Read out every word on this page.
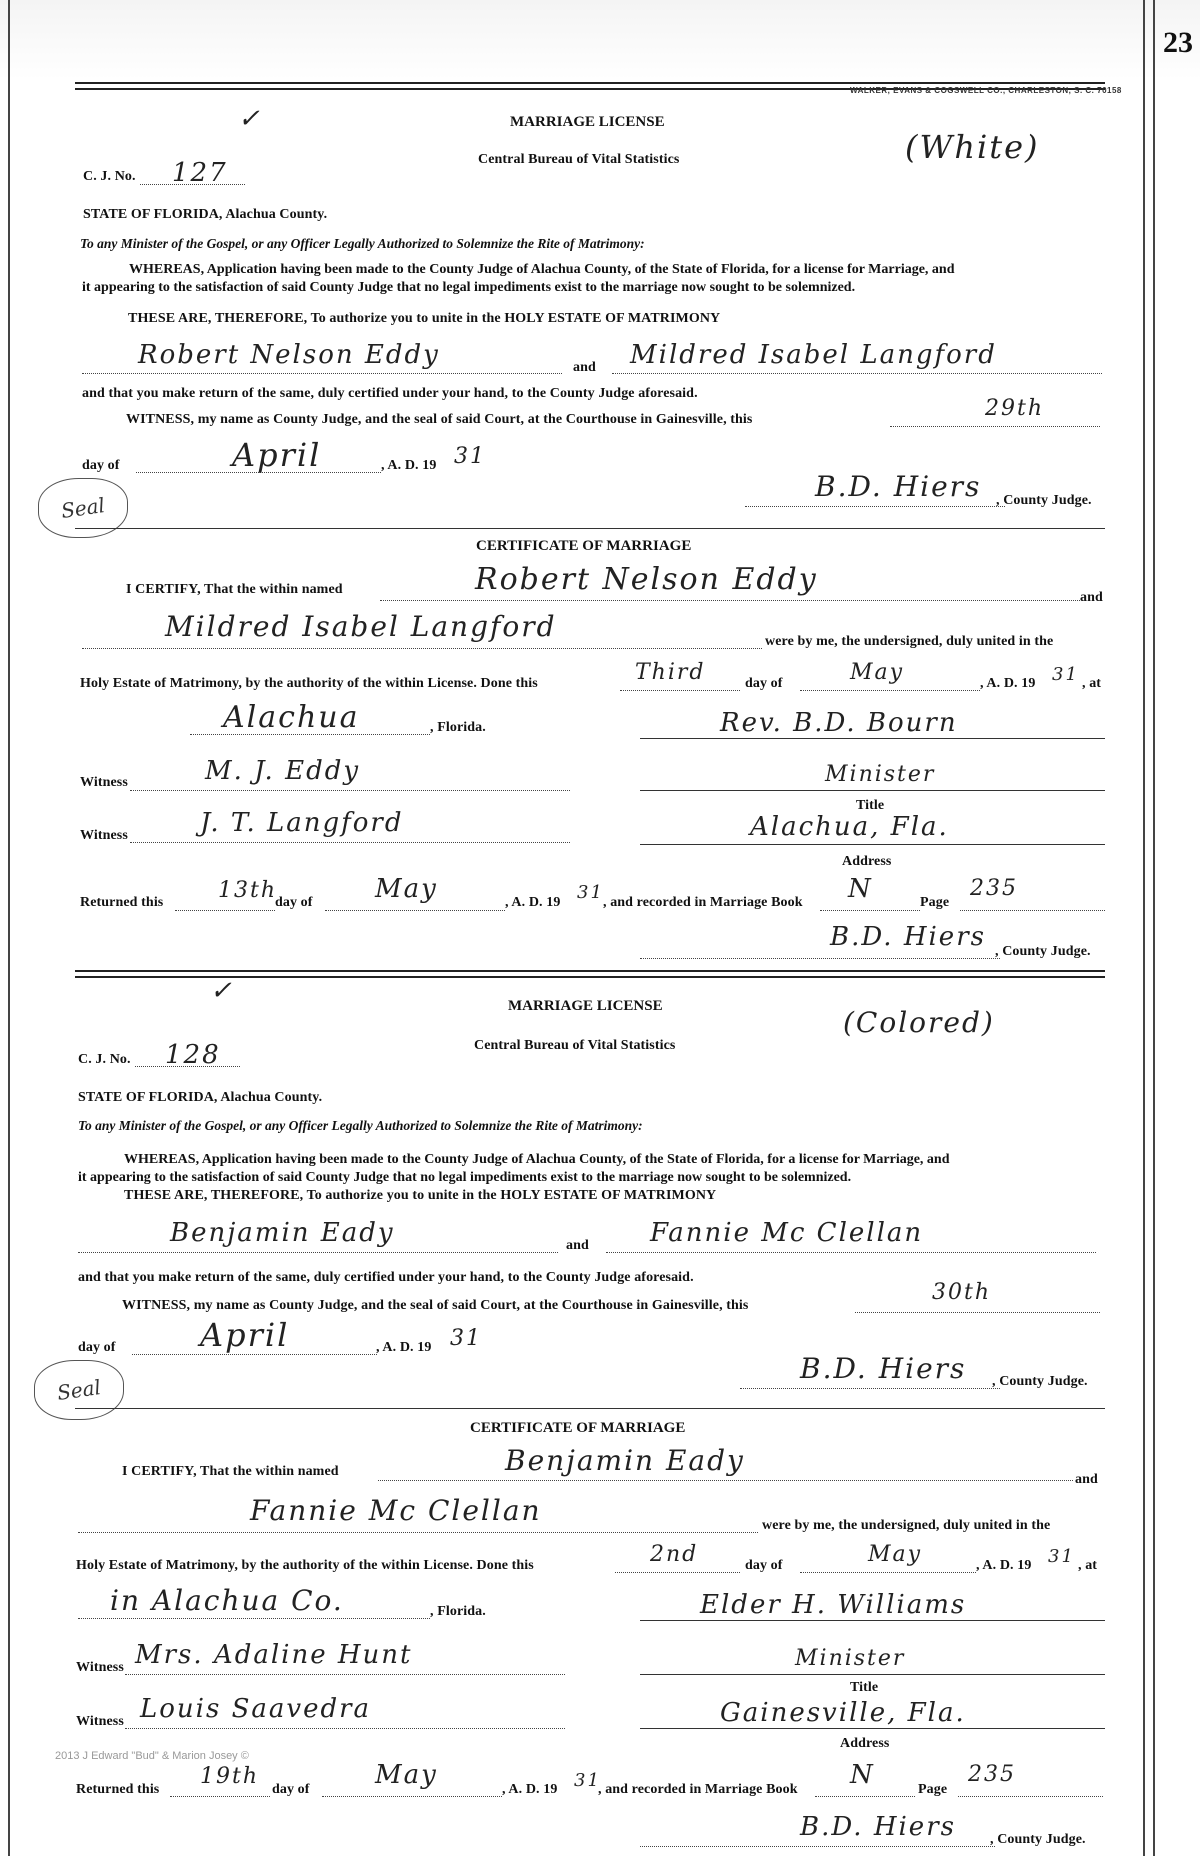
23
WALKER, EVANS & COGSWELL CO., CHARLESTON, S. C. 70158
✓	MARRIAGE LICENSE
Central Bureau of Vital Statistics	(White)
C. J. No. 127
STATE OF FLORIDA, Alachua County.
To any Minister of the Gospel, or any Officer Legally Authorized to Solemnize the Rite of Matrimony:
WHEREAS, Application having been made to the County Judge of Alachua County, of the State of Florida, for a license for Marriage, and
it appearing to the satisfaction of said County Judge that no legal impediments exist to the marriage now sought to be solemnized.
THESE ARE, THEREFORE, To authorize you to unite in the HOLY ESTATE OF MATRIMONY
Robert Nelson Eddy	and Mildred Isabel Langford
and that you make return of the same, duly certified under your hand, to the County Judge aforesaid.
WITNESS, my name as County Judge, and the seal of said Court, at the Courthouse in Gainesville, this	29th
day of	April	, A. D. 19 31
Seal
B.D. Hiers , County Judge.
CERTIFICATE OF MARRIAGE
I CERTIFY, That the within named	Robert Nelson Eddy
and
Mildred Isabel Langford	were by me, the undersigned, duly united in the
Holy Estate of Matrimony, by the authority of the within License. Done this	Third	day of	May	, A. D. 19 31 , at
Alachua	, Florida.	Rev. B.D. Bourn
Witness	M. J. Eddy	Minister
Title
Witness	J. T. Langford	Alachua, Fla.
Address
Returned this 13th
day of May	, A. D. 19 31 , and recorded in Marriage Book N	Page
235
B.D. Hiers , County Judge.
✓	MARRIAGE LICENSE
Central Bureau of Vital Statistics
(Colored)
C. J. No. 128
STATE OF FLORIDA, Alachua County.
To any Minister of the Gospel, or any Officer Legally Authorized to Solemnize the Rite of Matrimony:
WHEREAS, Application having been made to the County Judge of Alachua County, of the State of Florida, for a license for Marriage, and
it appearing to the satisfaction of said County Judge that no legal impediments exist to the marriage now sought to be solemnized.
THESE ARE, THEREFORE, To authorize you to unite in the HOLY ESTATE OF MATRIMONY
Benjamin Eady	and Fannie Mc Clellan
and that you make return of the same, duly certified under your hand, to the County Judge aforesaid.
WITNESS, my name as County Judge, and the seal of said Court, at the Courthouse in Gainesville, this
30th
day of	April	, A. D. 19 31
Seal
B.D. Hiers , County Judge.
CERTIFICATE OF MARRIAGE
I CERTIFY, That the within named	Benjamin Eady
and
Fannie Mc Clellan	were by me, the undersigned, duly united in the
Holy Estate of Matrimony, by the authority of the within License. Done this	2nd	day of	May	, A. D. 19 31 , at
in Alachua Co.	, Florida.	Elder H. Williams
Witness Mrs. Adaline Hunt	Minister
Title
Witness Louis Saavedra	Gainesville, Fla.
Address
2013 J Edward "Bud" & Marion Josey ©
Returned this
19th
day of	May	, A. D. 19 31
, and recorded in Marriage Book N	Page
235
B.D. Hiers , County Judge.
